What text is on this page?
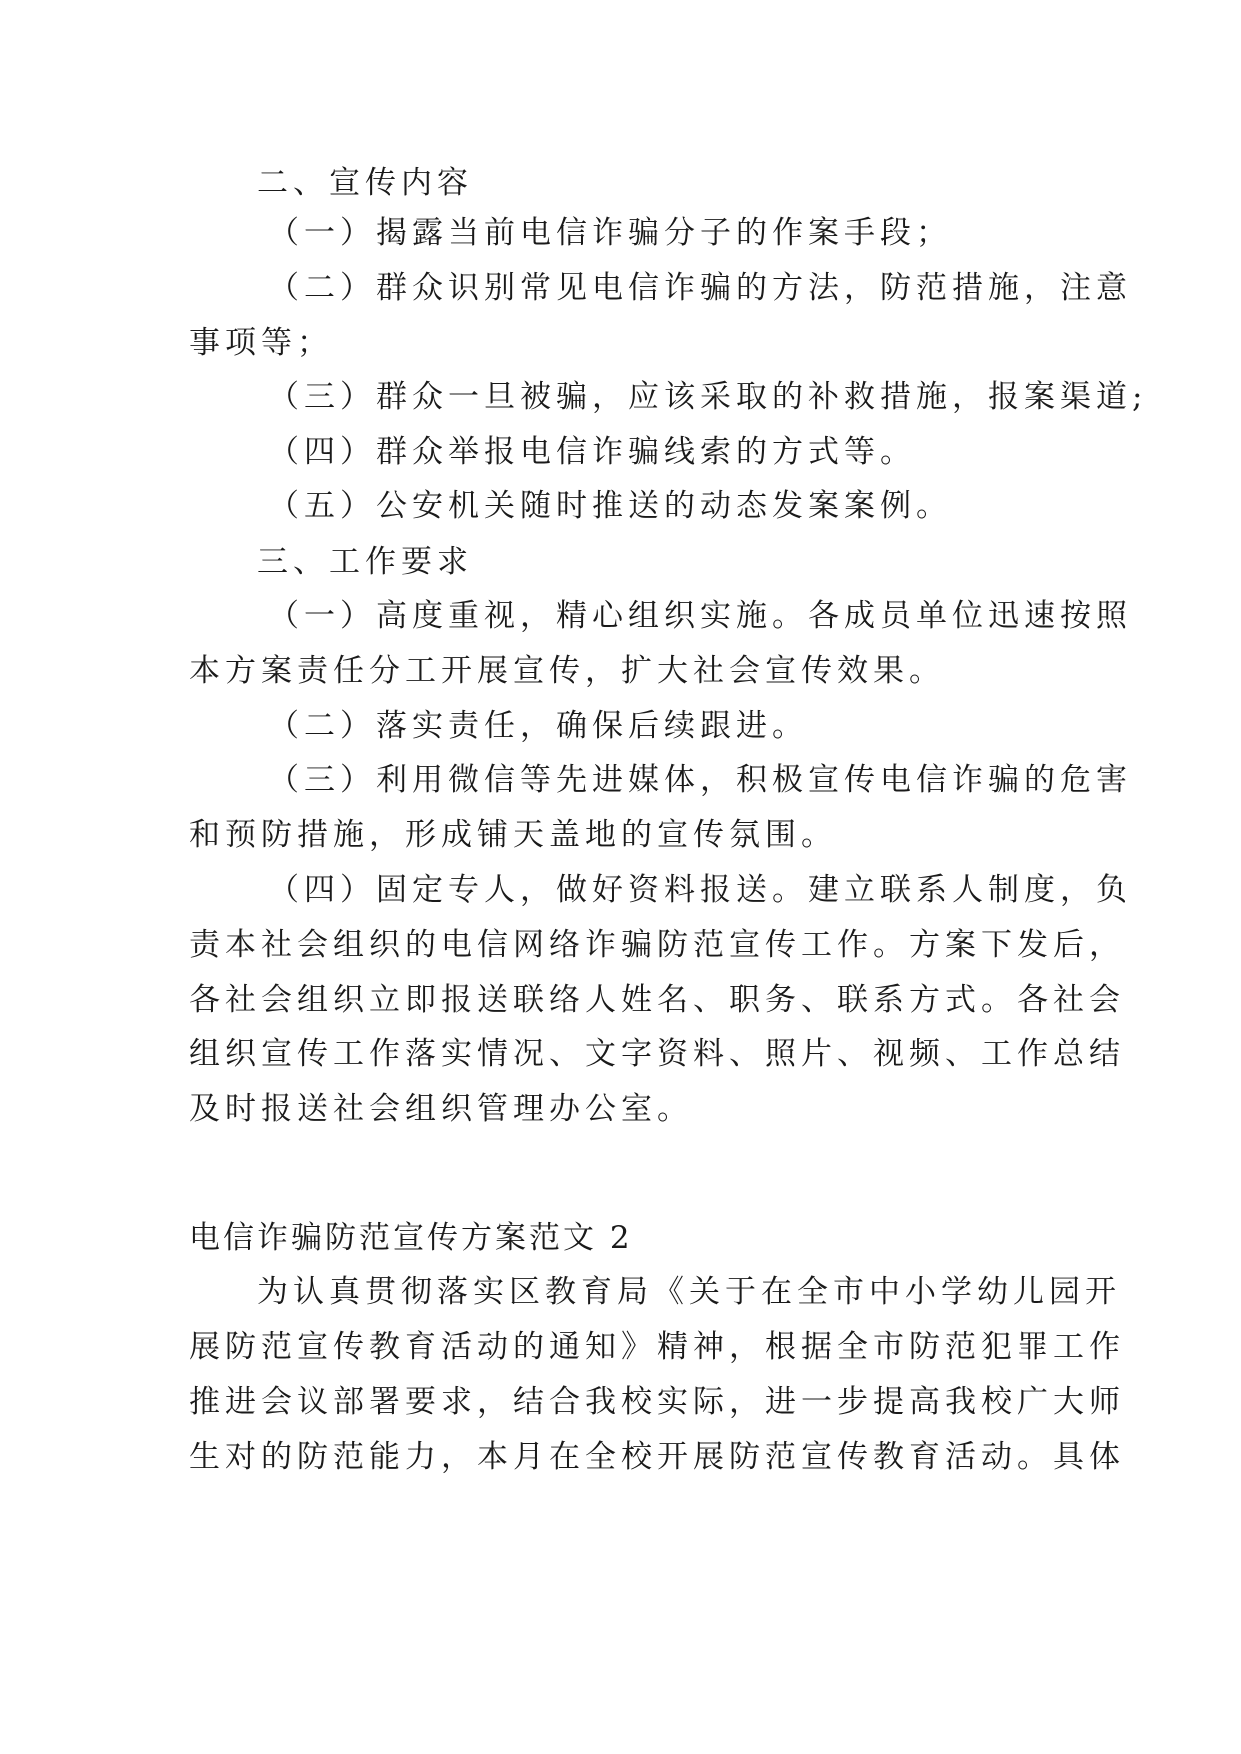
二、宣传内容
（一）揭露当前电信诈骗分子的作案手段；
（二）群众识别常见电信诈骗的方法，防范措施，注意
事项等；
（三）群众一旦被骗，应该采取的补救措施，报案渠道;
（四）群众举报电信诈骗线索的方式等。
（五）公安机关随时推送的动态发案案例。
三、工作要求
（一）高度重视，精心组织实施。各成员单位迅速按照
本方案责任分工开展宣传，扩大社会宣传效果。
（二）落实责任，确保后续跟进。
（三）利用微信等先进媒体，积极宣传电信诈骗的危害
和预防措施，形成铺天盖地的宣传氛围。
（四）固定专人，做好资料报送。建立联系人制度，负
责本社会组织的电信网络诈骗防范宣传工作。方案下发后，
各社会组织立即报送联络人姓名、职务、联系方式。各社会
组织宣传工作落实情况、文字资料、照片、视频、工作总结
及时报送社会组织管理办公室。
电信诈骗防范宣传方案范文 2
为认真贯彻落实区教育局《关于在全市中小学幼儿园开
展防范宣传教育活动的通知》精神，根据全市防范犯罪工作
推进会议部署要求，结合我校实际，进一步提高我校广大师
生对的防范能力，本月在全校开展防范宣传教育活动。具体
